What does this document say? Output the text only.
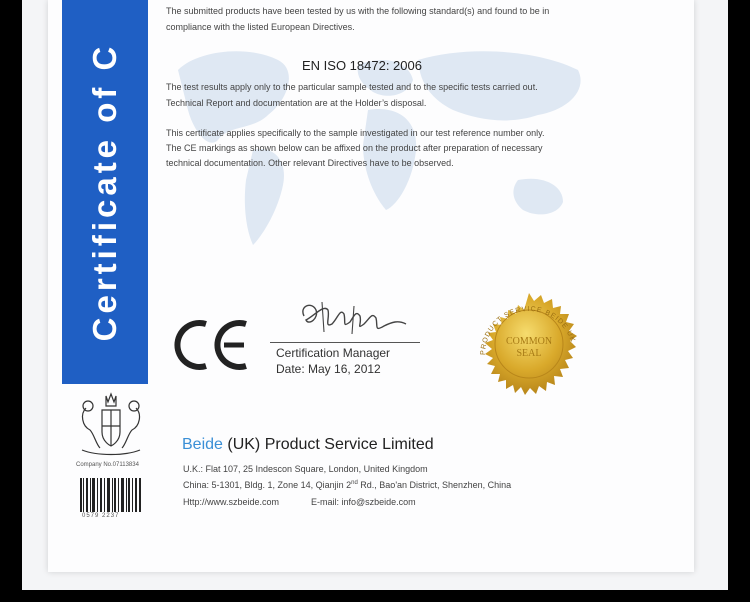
Certificate of C
The submitted products have been tested by us with the following standard(s) and found to be in
compliance with the listed European Directives.
EN ISO 18472: 2006
The test results apply only to the particular sample tested and to the specific tests carried out.
Technical Report and documentation are at the Holder’s disposal.
This certificate applies specifically to the sample investigated in our test reference number only.
The CE markings as shown below can be affixed on the product after preparation of necessary
technical documentation. Other relevant Directives have to be observed.
Certification Manager
Date: May 16, 2012
PRODUCT SERVICE BEIDE UK
COMMON
SEAL
Company No.07113834
0579 2237
Beide (UK) Product Service Limited
U.K.: Flat 107, 25 Indescon Square, London, United Kingdom
China: 5-1301, Bldg. 1, Zone 14, Qianjin 2nd Rd., Bao'an District, Shenzhen, China
Http://www.szbeide.com	E-mail: info@szbeide.com
